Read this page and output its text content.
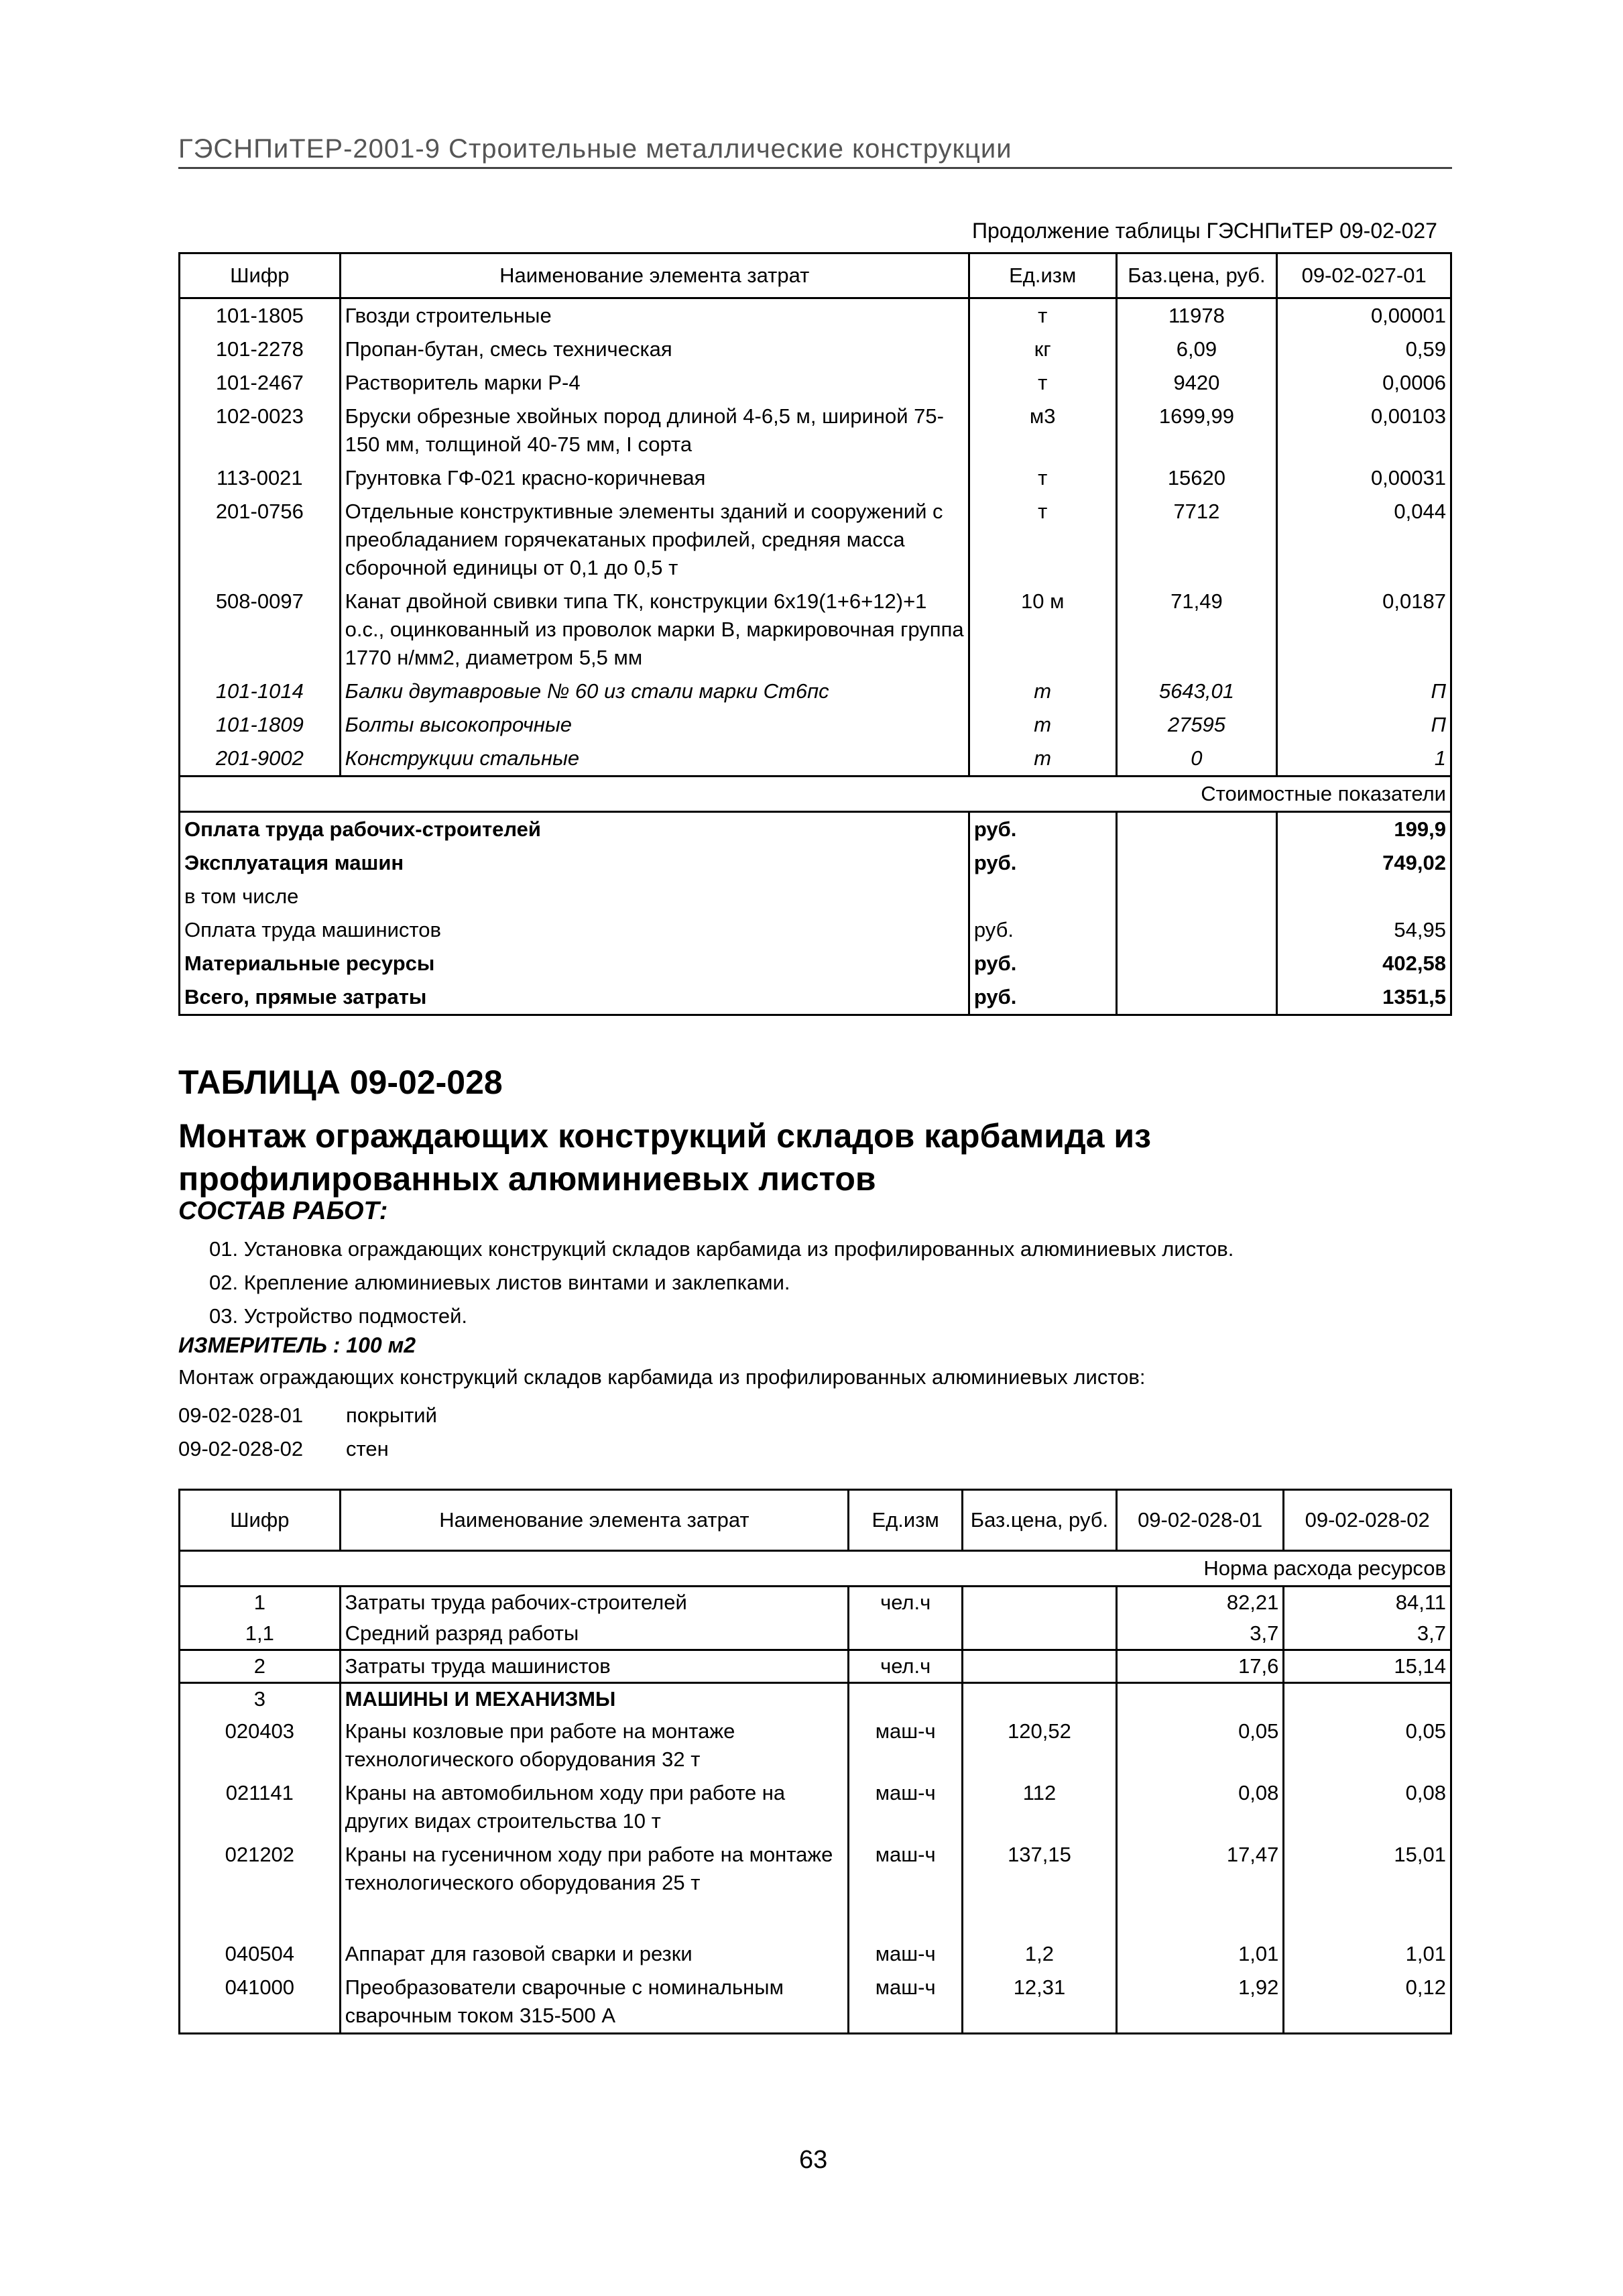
ГЭСНПиТЕР-2001-9 Строительные металлические конструкции
Продолжение таблицы ГЭСНПиТЕР 09-02-027
Шифр	Наименование элемента затрат	Ед.изм	Баз.цена, руб.	09-02-027-01
101-1805	Гвозди строительные	т	11978	0,00001
101-2278	Пропан-бутан, смесь техническая	кг	6,09	0,59
101-2467	Растворитель марки Р-4	т	9420	0,0006
102-0023	Бруски обрезные хвойных пород длиной 4-6,5 м, шириной 75-150 мм, толщиной 40-75 мм, I сорта	м3	1699,99	0,00103
113-0021	Грунтовка ГФ-021 красно-коричневая	т	15620	0,00031
201-0756	Отдельные конструктивные элементы зданий и сооружений с преобладанием горячекатаных профилей, средняя масса сборочной единицы от 0,1 до 0,5 т	т	7712	0,044
508-0097	Канат двойной свивки типа ТК, конструкции 6х19(1+6+12)+1 о.с., оцинкованный из проволок марки В, маркировочная группа 1770 н/мм2, диаметром 5,5 мм	10 м	71,49	0,0187
101-1014	Балки двутавровые № 60 из стали марки Ст6пс	т	5643,01	П
101-1809	Болты высокопрочные	т	27595	П
201-9002	Конструкции стальные	т	0	1
Стоимостные показатели				
Оплата труда рабочих-строителей		руб.		199,9
Эксплуатация машин		руб.		749,02
в том числе				
Оплата труда машинистов		руб.		54,95
Материальные ресурсы		руб.		402,58
Всего, прямые затраты		руб.		1351,5
ТАБЛИЦА 09-02-028
Монтаж ограждающих конструкций складов карбамида из профилированных алюминиевых листов
СОСТАВ РАБОТ:
01. Установка ограждающих конструкций складов карбамида из профилированных алюминиевых листов.
02. Крепление алюминиевых листов винтами и заклепками.
03. Устройство подмостей.
ИЗМЕРИТЕЛЬ : 100 м2
Монтаж ограждающих конструкций складов карбамида из профилированных алюминиевых листов:
09-02-028-01 покрытий
09-02-028-02 стен
Шифр	Наименование элемента затрат	Ед.изм	Баз.цена, руб.	09-02-028-01	09-02-028-02
Норма расхода ресурсов					
1	Затраты труда рабочих-строителей	чел.ч		82,21	84,11
1,1	Средний разряд работы			3,7	3,7
2	Затраты труда машинистов	чел.ч		17,6	15,14
3	МАШИНЫ И МЕХАНИЗМЫ				
020403	Краны козловые при работе на монтаже технологического оборудования 32 т	маш-ч	120,52	0,05	0,05
021141	Краны на автомобильном ходу при работе на других видах строительства 10 т	маш-ч	112	0,08	0,08
021202	Краны на гусеничном ходу при работе на монтаже технологического оборудования 25 т	маш-ч	137,15	17,47	15,01
040504	Аппарат для газовой сварки и резки	маш-ч	1,2	1,01	1,01
041000	Преобразователи сварочные с номинальным сварочным током 315-500 А	маш-ч	12,31	1,92	0,12
63
